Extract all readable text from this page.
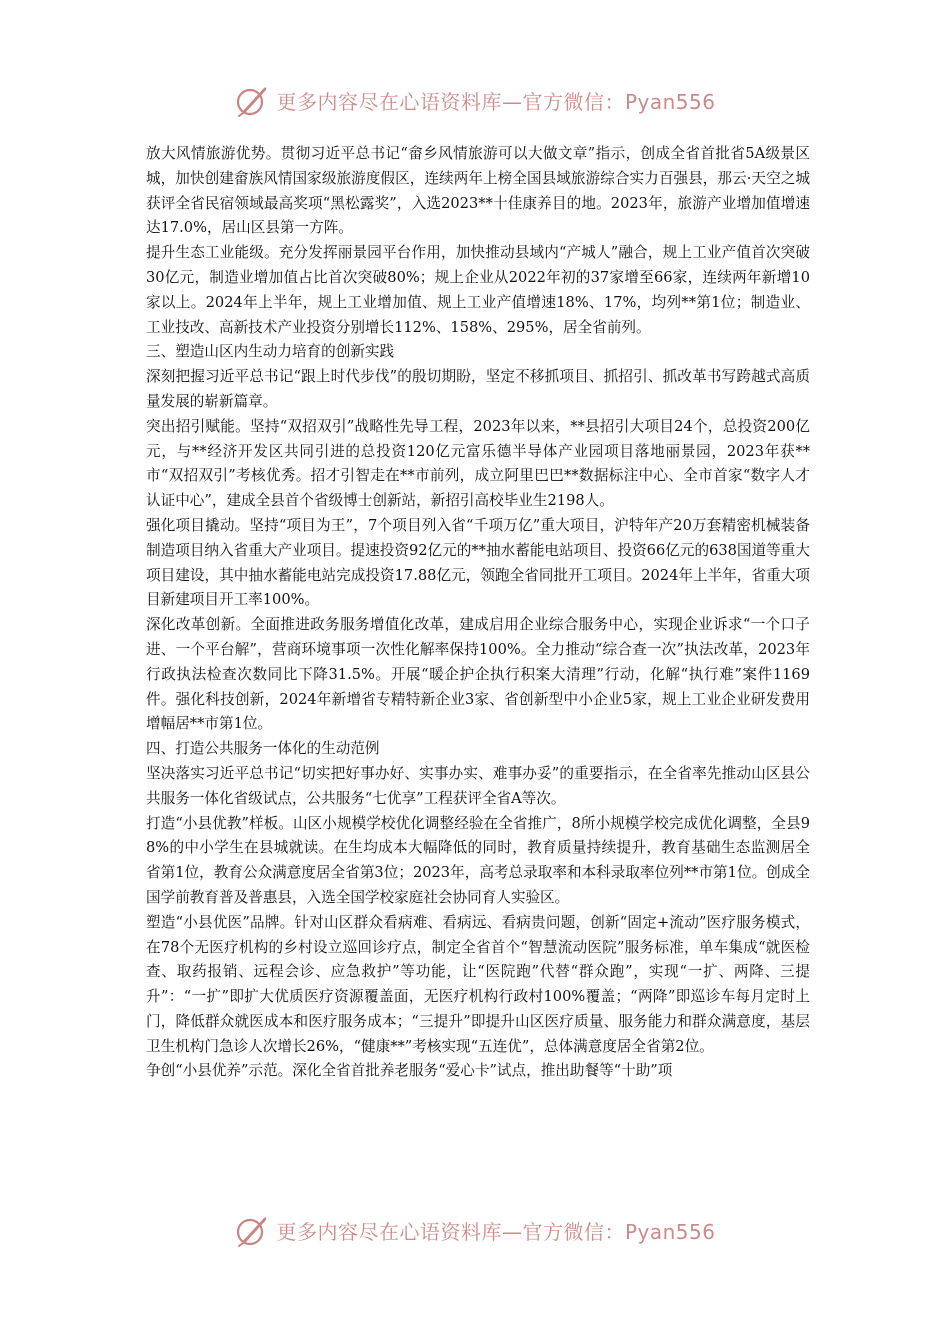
更多内容尽在心语资料库—官方微信：Pyan556

放大风情旅游优势。贯彻习近平总书记“畲乡风情旅游可以大做文章”指示，创成全省首批省5A级景区城，加快创建畲族风情国家级旅游度假区，连续两年上榜全国县域旅游综合实力百强县，那云·天空之城获评全省民宿领域最高奖项“黑松露奖”，入选2023**十佳康养目的地。2023年，旅游产业增加值增速达17.0%，居山区县第一方阵。

提升生态工业能级。充分发挥丽景园平台作用，加快推动县域内“产城人”融合，规上工业产值首次突破30亿元，制造业增加值占比首次突破80%；规上企业从2022年初的37家增至66家，连续两年新增10家以上。2024年上半年，规上工业增加值、规上工业产值增速18%、17%，均列**第1位；制造业、工业技改、高新技术产业投资分别增长112%、158%、295%，居全省前列。

三、塑造山区内生动力培育的创新实践

深刻把握习近平总书记“跟上时代步伐”的殷切期盼，坚定不移抓项目、抓招引、抓改革书写跨越式高质量发展的崭新篇章。

突出招引赋能。坚持“双招双引”战略性先导工程，2023年以来，**县招引大项目24个，总投资200亿元，与**经济开发区共同引进的总投资120亿元富乐德半导体产业园项目落地丽景园，2023年获**市“双招双引”考核优秀。招才引智走在**市前列，成立阿里巴巴**数据标注中心、全市首家“数字人才认证中心”，建成全县首个省级博士创新站，新招引高校毕业生2198人。

强化项目撬动。坚持“项目为王”，7个项目列入省“千项万亿”重大项目，沪特年产20万套精密机械装备制造项目纳入省重大产业项目。提速投资92亿元的**抽水蓄能电站项目、投资66亿元的638国道等重大项目建设，其中抽水蓄能电站完成投资17.88亿元，领跑全省同批开工项目。2024年上半年，省重大项目新建项目开工率100%。

深化改革创新。全面推进政务服务增值化改革，建成启用企业综合服务中心，实现企业诉求“一个口子进、一个平台解”，营商环境事项一次性化解率保持100%。全力推动“综合查一次”执法改革，2023年行政执法检查次数同比下降31.5%。开展“暖企护企执行积案大清理”行动，化解“执行难”案件1169件。强化科技创新，2024年新增省专精特新企业3家、省创新型中小企业5家，规上工业企业研发费用增幅居**市第1位。

四、打造公共服务一体化的生动范例

坚决落实习近平总书记“切实把好事办好、实事办实、难事办妥”的重要指示，在全省率先推动山区县公共服务一体化省级试点，公共服务“七优享”工程获评全省A等次。

打造“小县优教”样板。山区小规模学校优化调整经验在全省推广，8所小规模学校完成优化调整，全县98%的中小学生在县城就读。在生均成本大幅降低的同时，教育质量持续提升，教育基础生态监测居全省第1位，教育公众满意度居全省第3位；2023年，高考总录取率和本科录取率位列**市第1位。创成全国学前教育普及普惠县，入选全国学校家庭社会协同育人实验区。

塑造“小县优医”品牌。针对山区群众看病难、看病远、看病贵问题，创新“固定+流动”医疗服务模式，在78个无医疗机构的乡村设立巡回诊疗点，制定全省首个“智慧流动医院”服务标准，单车集成“就医检查、取药报销、远程会诊、应急救护”等功能，让“医院跑”代替“群众跑”，实现“一扩、两降、三提升”：“一扩”即扩大优质医疗资源覆盖面，无医疗机构行政村100%覆盖；“两降”即巡诊车每月定时上门，降低群众就医成本和医疗服务成本；“三提升”即提升山区医疗质量、服务能力和群众满意度，基层卫生机构门急诊人次增长26%，“健康**”考核实现“五连优”，总体满意度居全省第2位。

争创“小县优养”示范。深化全省首批养老服务“爱心卡”试点，推出助餐等“十助”项

更多内容尽在心语资料库—官方微信：Pyan556
